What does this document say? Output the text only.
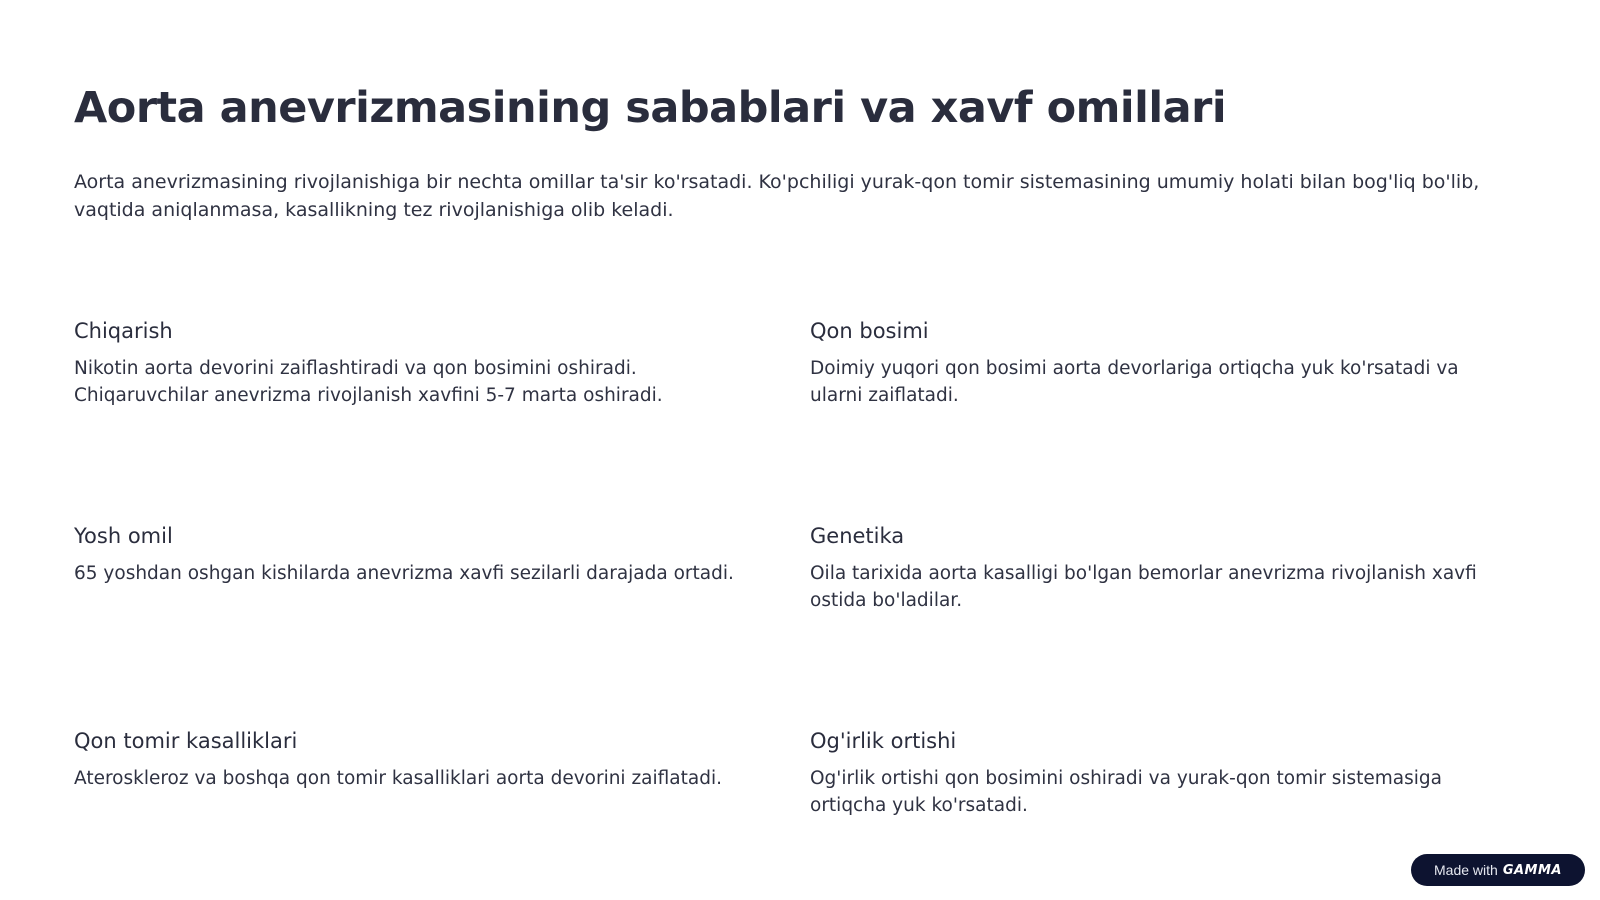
Aorta anevrizmasining sabablari va xavf omillari

Aorta anevrizmasining rivojlanishiga bir nechta omillar ta'sir ko'rsatadi. Ko'pchiligi yurak-qon tomir sistemasining umumiy holati bilan bog'liq bo'lib, vaqtida aniqlanmasa, kasallikning tez rivojlanishiga olib keladi.

Chiqarish

Nikotin aorta devorini zaiflashtiradi va qon bosimini oshiradi. Chiqaruvchilar anevrizma rivojlanish xavfini 5-7 marta oshiradi.

Qon bosimi

Doimiy yuqori qon bosimi aorta devorlariga ortiqcha yuk ko'rsatadi va ularni zaiflatadi.

Yosh omil

65 yoshdan oshgan kishilarda anevrizma xavfi sezilarli darajada ortadi.

Genetika

Oila tarixida aorta kasalligi bo'lgan bemorlar anevrizma rivojlanish xavfi ostida bo'ladilar.

Qon tomir kasalliklari

Ateroskleroz va boshqa qon tomir kasalliklari aorta devorini zaiflatadi.

Og'irlik ortishi

Og'irlik ortishi qon bosimini oshiradi va yurak-qon tomir sistemasiga ortiqcha yuk ko'rsatadi.

Made with GAMMA
